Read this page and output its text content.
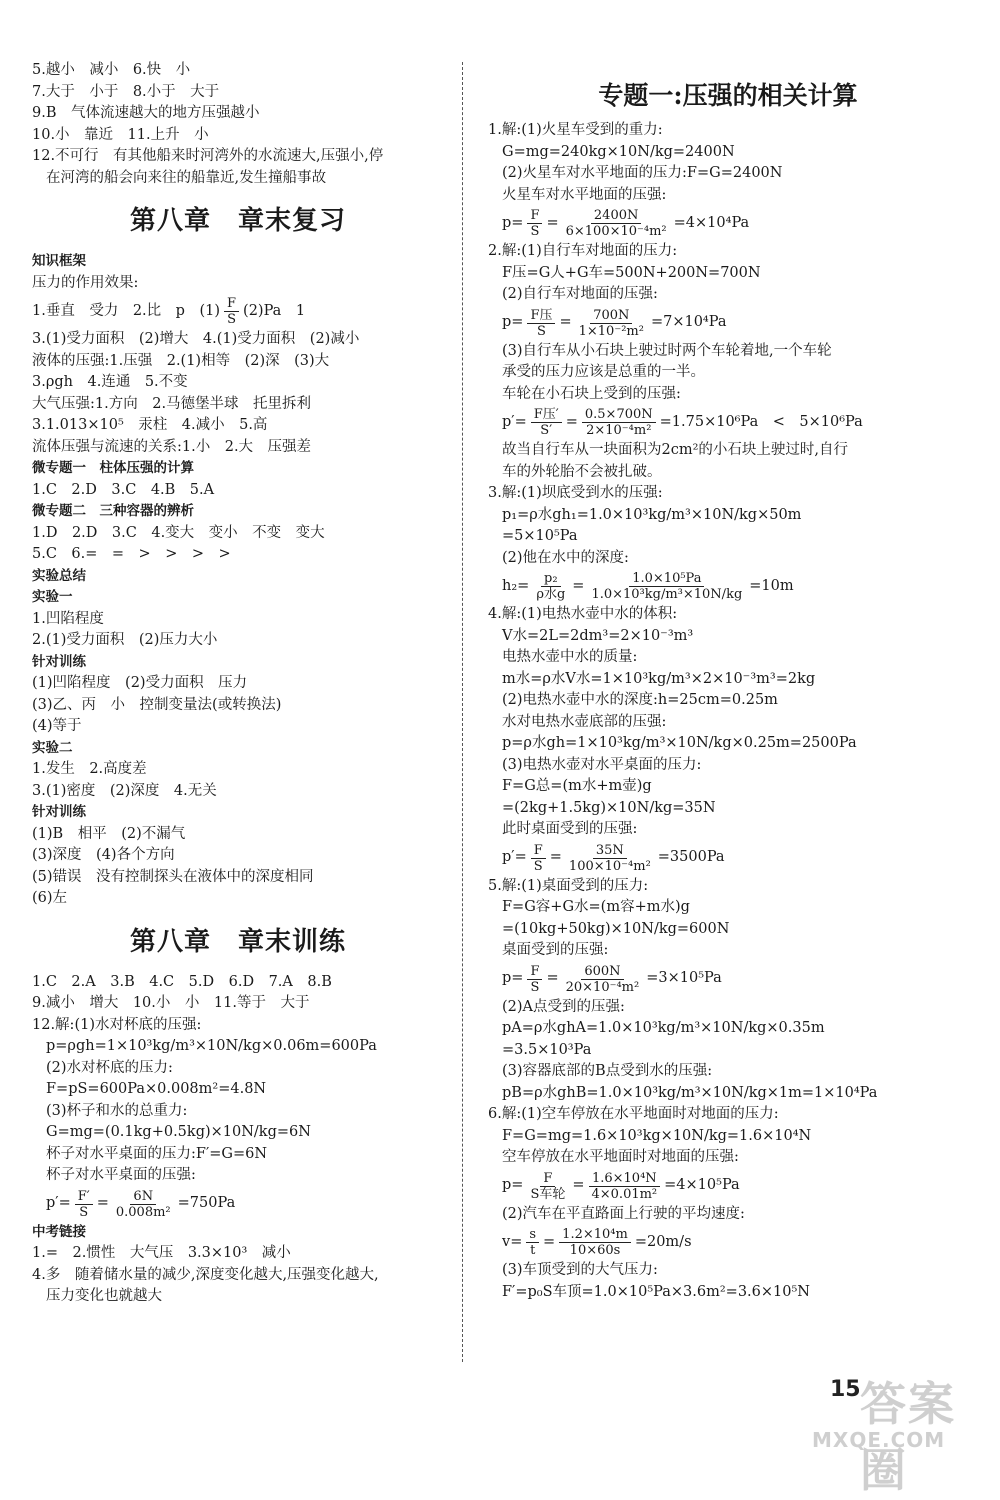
5.越小　减小　6.快　小
7.大于　小于　8.小于　大于
9.B　气体流速越大的地方压强越小
10.小　靠近　11.上升　小
12.不可行　有其他船来时河湾外的水流速大,压强小,停
在河湾的船会向来往的船靠近,发生撞船事故
第八章　章末复习
知识框架
压力的作用效果:
1.垂直　受力　2.比　p　$(1) \frac{F}{S} (2)Pa$　1
3.(1)受力面积　(2)增大　4.(1)受力面积　(2)减小
液体的压强:1.压强　2.(1)相等　(2)深　(3)大
3.ρgh　4.连通　5.不变
大气压强:1.方向　2.马德堡半球　托里拆利
3.1.013×10⁵　汞柱　4.减小　5.高
流体压强与流速的关系:1.小　2.大　压强差
微专题一　柱体压强的计算
1.C　2.D　3.C　4.B　5.A
微专题二　三种容器的辨析
1.D　2.D　3.C　4.变大　变小　不变　变大
5.C　6.=　=　>　>　>　>
实验总结
实验一
1.凹陷程度
2.(1)受力面积　(2)压力大小
针对训练
(1)凹陷程度　(2)受力面积　压力
(3)乙、丙　小　控制变量法(或转换法)
(4)等于
实验二
1.发生　2.高度差
3.(1)密度　(2)深度　4.无关
针对训练
(1)B　相平　(2)不漏气
(3)深度　(4)各个方向
(5)错误　没有控制探头在液体中的深度相同
(6)左
第八章　章末训练
1.C　2.A　3.B　4.C　5.D　6.D　7.A　8.B
9.减小　增大　10.小　小　11.等于　大于
12.解:(1)水对杯底的压强:
p=ρgh=1×10³kg/m³×10N/kg×0.06m=600Pa
(2)水对杯底的压力:
F=pS=600Pa×0.008m²=4.8N
(3)杯子和水的总重力:
G=mg=(0.1kg+0.5kg)×10N/kg=6N
杯子对水平桌面的压力:F′=G=6N
杯子对水平桌面的压强:
$p'= \frac{F'}{S} = \frac{6N}{\text{0.008m²}} =750Pa$
中考链接
1.=　2.惯性　大气压　3.3×10³　减小
4.多　随着储水量的减少,深度变化越大,压强变化越大,
压力变化也就越大
专题一:压强的相关计算
1.解:(1)火星车受到的重力:
G=mg=240kg×10N/kg=2400N
(2)火星车对水平地面的压力:F=G=2400N
火星车对水平地面的压强:
$p= \frac{F}{S} = \frac{2400N}{\text{6×100×10⁻⁴m²}} =4\times 10^4Pa$
2.解:(1)自行车对地面的压力:
F压=G人+G车=500N+200N=700N
(2)自行车对地面的压强:
$p= \frac{\text{F压}}{S} = \frac{700N}{\text{1×10⁻²m²}} =7\times 10^4Pa$
(3)自行车从小石块上驶过时两个车轮着地,一个车轮
承受的压力应该是总重的一半。
车轮在小石块上受到的压强:
$p'= \frac{\text{F压′}}{S'} = \frac{0.5\times 700N}{\text{2×10⁻⁴m²}} =1.75\times 10^6Pa$　<　5×10⁶Pa
故当自行车从一块面积为2cm²的小石块上驶过时,自行
车的外轮胎不会被扎破。
3.解:(1)坝底受到水的压强:
p₁=ρ水gh₁=1.0×10³kg/m³×10N/kg×50m
=5×10⁵Pa
(2)他在水中的深度:
$h_2= \frac{\text{p₂}}{\text{ρ水g}} = \frac{\text{1.0×10⁵Pa}}{\text{1.0×10³kg/m³×10N/kg}} =10m$
4.解:(1)电热水壶中水的体积:
V水=2L=2dm³=2×10⁻³m³
电热水壶中水的质量:
m水=ρ水V水=1×10³kg/m³×2×10⁻³m³=2kg
(2)电热水壶中水的深度:h=25cm=0.25m
水对电热水壶底部的压强:
p=ρ水gh=1×10³kg/m³×10N/kg×0.25m=2500Pa
(3)电热水壶对水平桌面的压力:
F=G总=(m水+m壶)g
=(2kg+1.5kg)×10N/kg=35N
此时桌面受到的压强:
$p'= \frac{F}{S} = \frac{35N}{\text{100×10⁻⁴m²}} =3500Pa$
5.解:(1)桌面受到的压力:
F=G容+G水=(m容+m水)g
=(10kg+50kg)×10N/kg=600N
桌面受到的压强:
$p= \frac{F}{S} = \frac{600N}{\text{20×10⁻⁴m²}} =3\times 10^5Pa$
(2)A点受到的压强:
pA=ρ水ghA=1.0×10³kg/m³×10N/kg×0.35m
=3.5×10³Pa
(3)容器底部的B点受到水的压强:
pB=ρ水ghB=1.0×10³kg/m³×10N/kg×1m=1×10⁴Pa
6.解:(1)空车停放在水平地面时对地面的压力:
F=G=mg=1.6×10³kg×10N/kg=1.6×10⁴N
空车停放在水平地面时对地面的压强:
$p= \frac{F}{\text{S车轮}} = \frac{\text{1.6×10⁴N}}{\text{4×0.01m²}} =4\times 10^5Pa$
(2)汽车在平直路面上行驶的平均速度:
$v= \frac{s}{t} = \frac{\text{1.2×10⁴m}}{10\times 60s} =20m/s$
(3)车顶受到的大气压力:
F′=p₀S车顶=1.0×10⁵Pa×3.6m²=3.6×10⁵N
15 答案圈
MXQE.COM
